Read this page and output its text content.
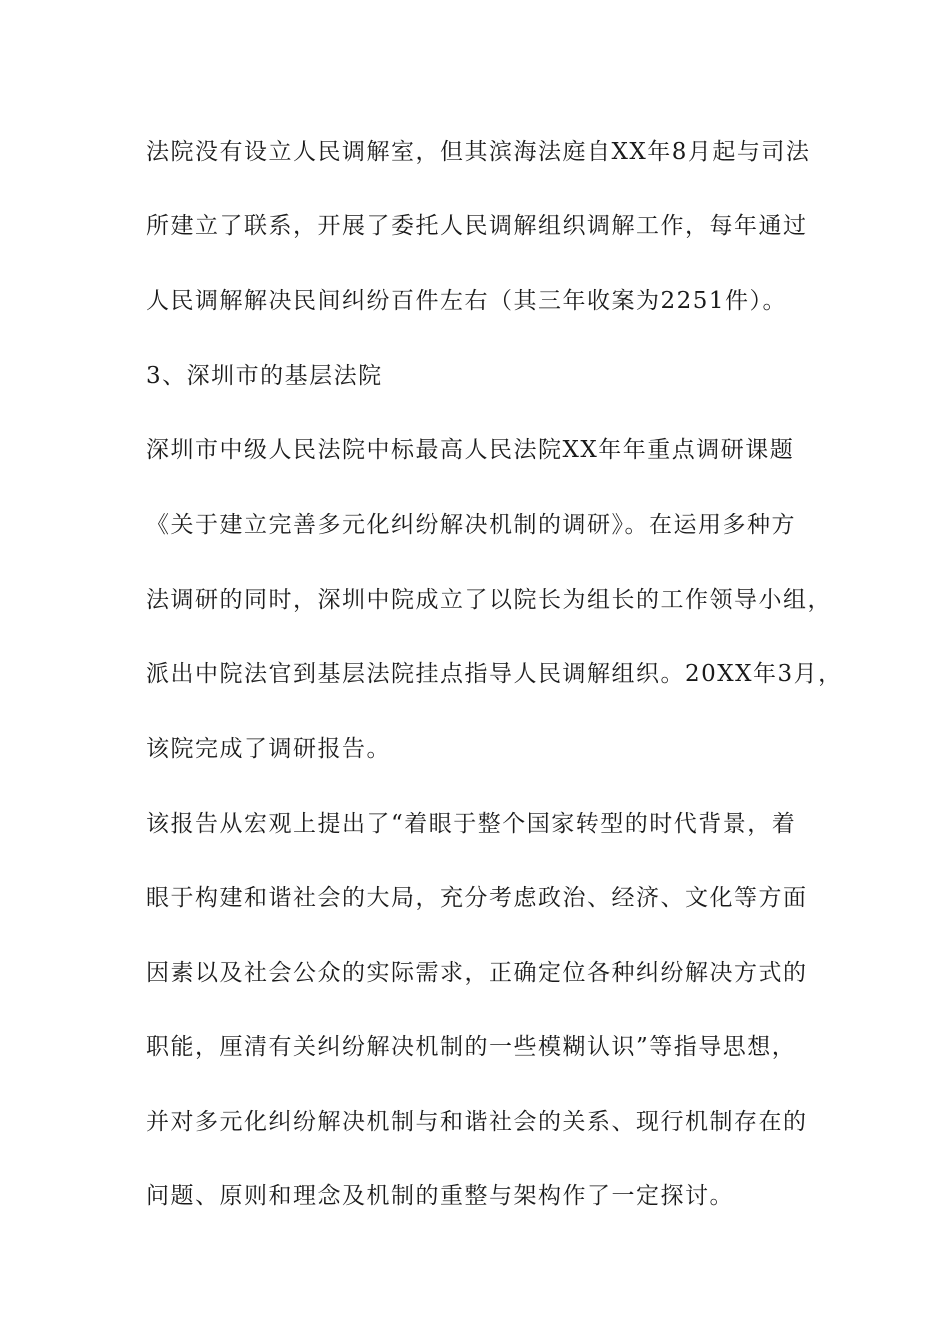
法院没有设立人民调解室，但其滨海法庭自XX年8月起与司法
所建立了联系，开展了委托人民调解组织调解工作，每年通过
人民调解解决民间纠纷百件左右（其三年收案为2251件）。
3、深圳市的基层法院
深圳市中级人民法院中标最高人民法院XX年年重点调研课题
《关于建立完善多元化纠纷解决机制的调研》。在运用多种方
法调研的同时，深圳中院成立了以院长为组长的工作领导小组，
派出中院法官到基层法院挂点指导人民调解组织。20XX年3月，
该院完成了调研报告。
该报告从宏观上提出了“着眼于整个国家转型的时代背景，着
眼于构建和谐社会的大局，充分考虑政治、经济、文化等方面
因素以及社会公众的实际需求，正确定位各种纠纷解决方式的
职能，厘清有关纠纷解决机制的一些模糊认识”等指导思想，
并对多元化纠纷解决机制与和谐社会的关系、现行机制存在的
问题、原则和理念及机制的重整与架构作了一定探讨。
